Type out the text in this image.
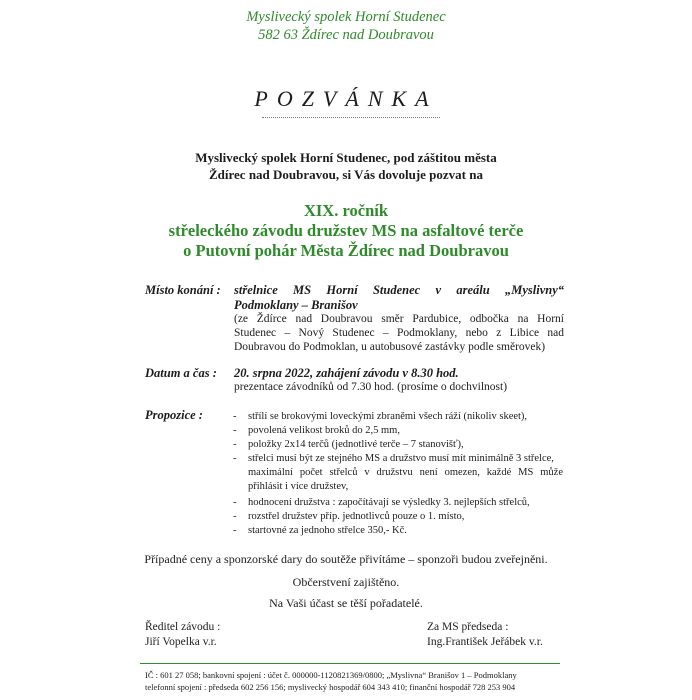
Myslivecký spolek Horní Studenec
582 63 Ždírec nad Doubravou
POZVÁNKA
Myslivecký spolek Horní Studenec, pod záštitou města
Ždírec nad Doubravou, si Vás dovoluje pozvat na
XIX. ročník
střeleckého závodu družstev MS na asfaltové terče
o Putovní pohár Města Ždírec nad Doubravou
Místo konání : střelnice MS Horní Studenec v areálu „Myslivny“
Podmoklany – Branišov
(ze Ždírce nad Doubravou směr Pardubice, odbočka na Horní
Studenec – Nový Studenec – Podmoklany, nebo z Libice nad
Doubravou do Podmoklan, u autobusové zastávky podle směrovek)
Datum a čas : 20. srpna 2022, zahájení závodu v 8.30 hod.
prezentace závodníků od 7.30 hod. (prosíme o dochvilnost)
Propozice :	- střílí se brokovými loveckými zbraněmi všech ráží (nikoliv skeet),
- povolená velikost broků do 2,5 mm,
- položky 2x14 terčů (jednotlivé terče – 7 stanovišť),
- střelci musí být ze stejného MS a družstvo musí mít minimálně 3 střelce,
maximální počet střelců v družstvu není omezen, každé MS může
přihlásit i více družstev,
- hodnocení družstva : započítávají se výsledky 3. nejlepších střelců,
- rozstřel družstev příp. jednotlivců pouze o 1. místo,
- startovné za jednoho střelce 350,- Kč.
Případné ceny a sponzorské dary do soutěže přivítáme – sponzoři budou zveřejněni.
Občerstvení zajištěno.
Na Vaši účast se těší pořadatelé.
Ředitel závodu :
Jiří Vopelka v.r.
Za MS předseda :
Ing.František Jeřábek v.r.
IČ : 601 27 058; bankovní spojení : účet č. 000000-1120821369/0800; „Myslivna“ Branišov 1 – Podmoklany
telefonní spojení : předseda 602 256 156; myslivecký hospodář 604 343 410; finanční hospodář 728 253 904
